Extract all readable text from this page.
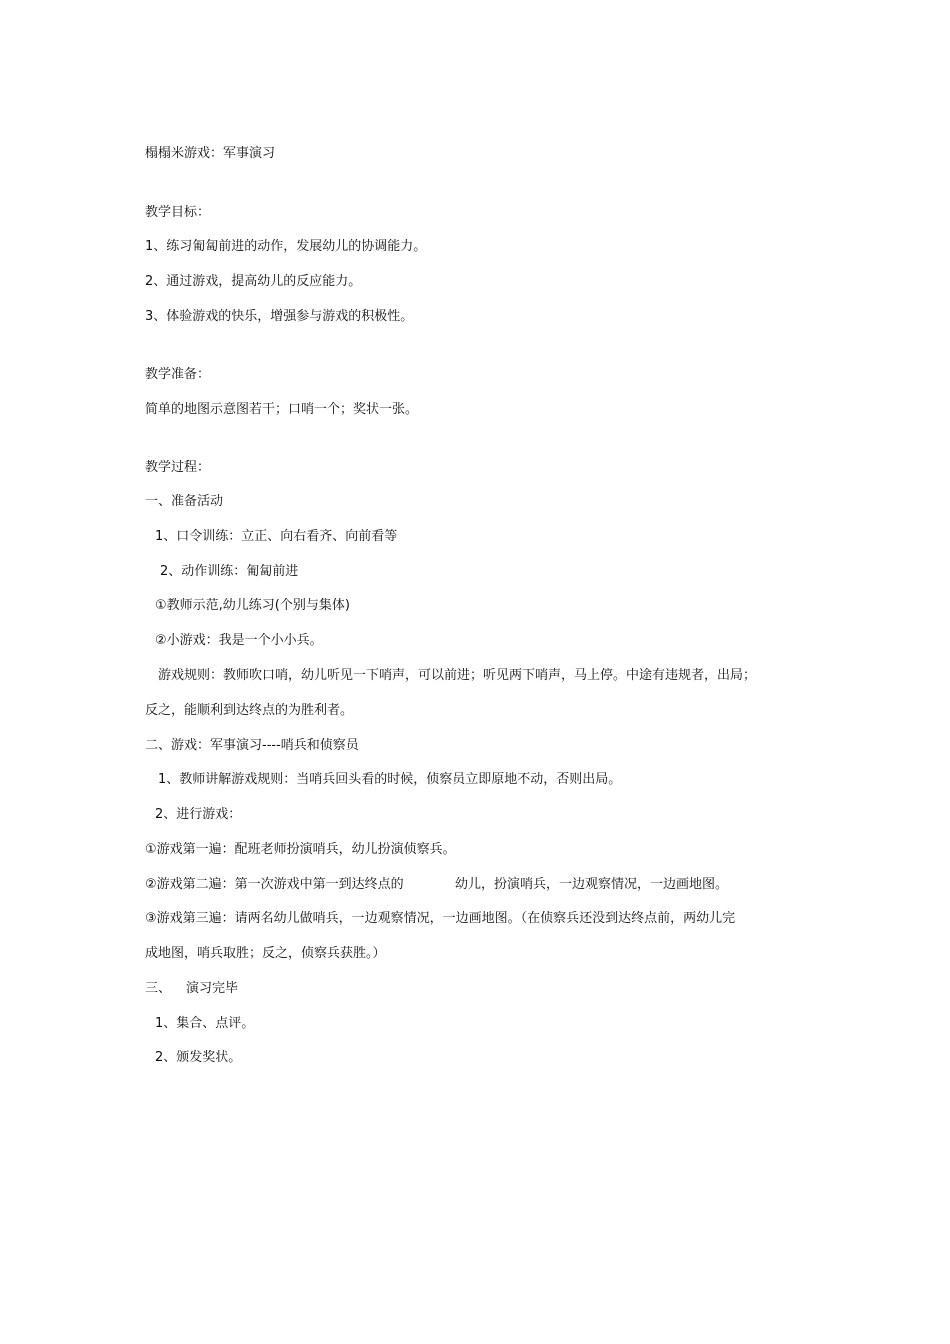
榻榻米游戏：军事演习
教学目标：
1、练习匍匐前进的动作，发展幼儿的协调能力。
2、通过游戏，提高幼儿的反应能力。
3、体验游戏的快乐，增强参与游戏的积极性。
教学准备：
简单的地图示意图若干；口哨一个；奖状一张。
教学过程：
一、准备活动
1、口令训练：立正、向右看齐、向前看等
2、动作训练：匍匐前进
①教师示范,幼儿练习(个别与集体)
②小游戏：我是一个小小兵。
游戏规则：教师吹口哨，幼儿听见一下哨声，可以前进；听见两下哨声，马上停。中途有违规者，出局；
反之，能顺利到达终点的为胜利者。
二、游戏：军事演习----哨兵和侦察员
1、教师讲解游戏规则：当哨兵回头看的时候，侦察员立即原地不动，否则出局。
2、进行游戏：
①游戏第一遍：配班老师扮演哨兵，幼儿扮演侦察兵。
②游戏第二遍：第一次游戏中第一到达终点的	幼儿，扮演哨兵，一边观察情况，一边画地图。
③游戏第三遍：请两名幼儿做哨兵，一边观察情况，一边画地图。（在侦察兵还没到达终点前，两幼儿完
成地图，哨兵取胜；反之，侦察兵获胜。）
三、 演习完毕
1、集合、点评。
2、颁发奖状。
